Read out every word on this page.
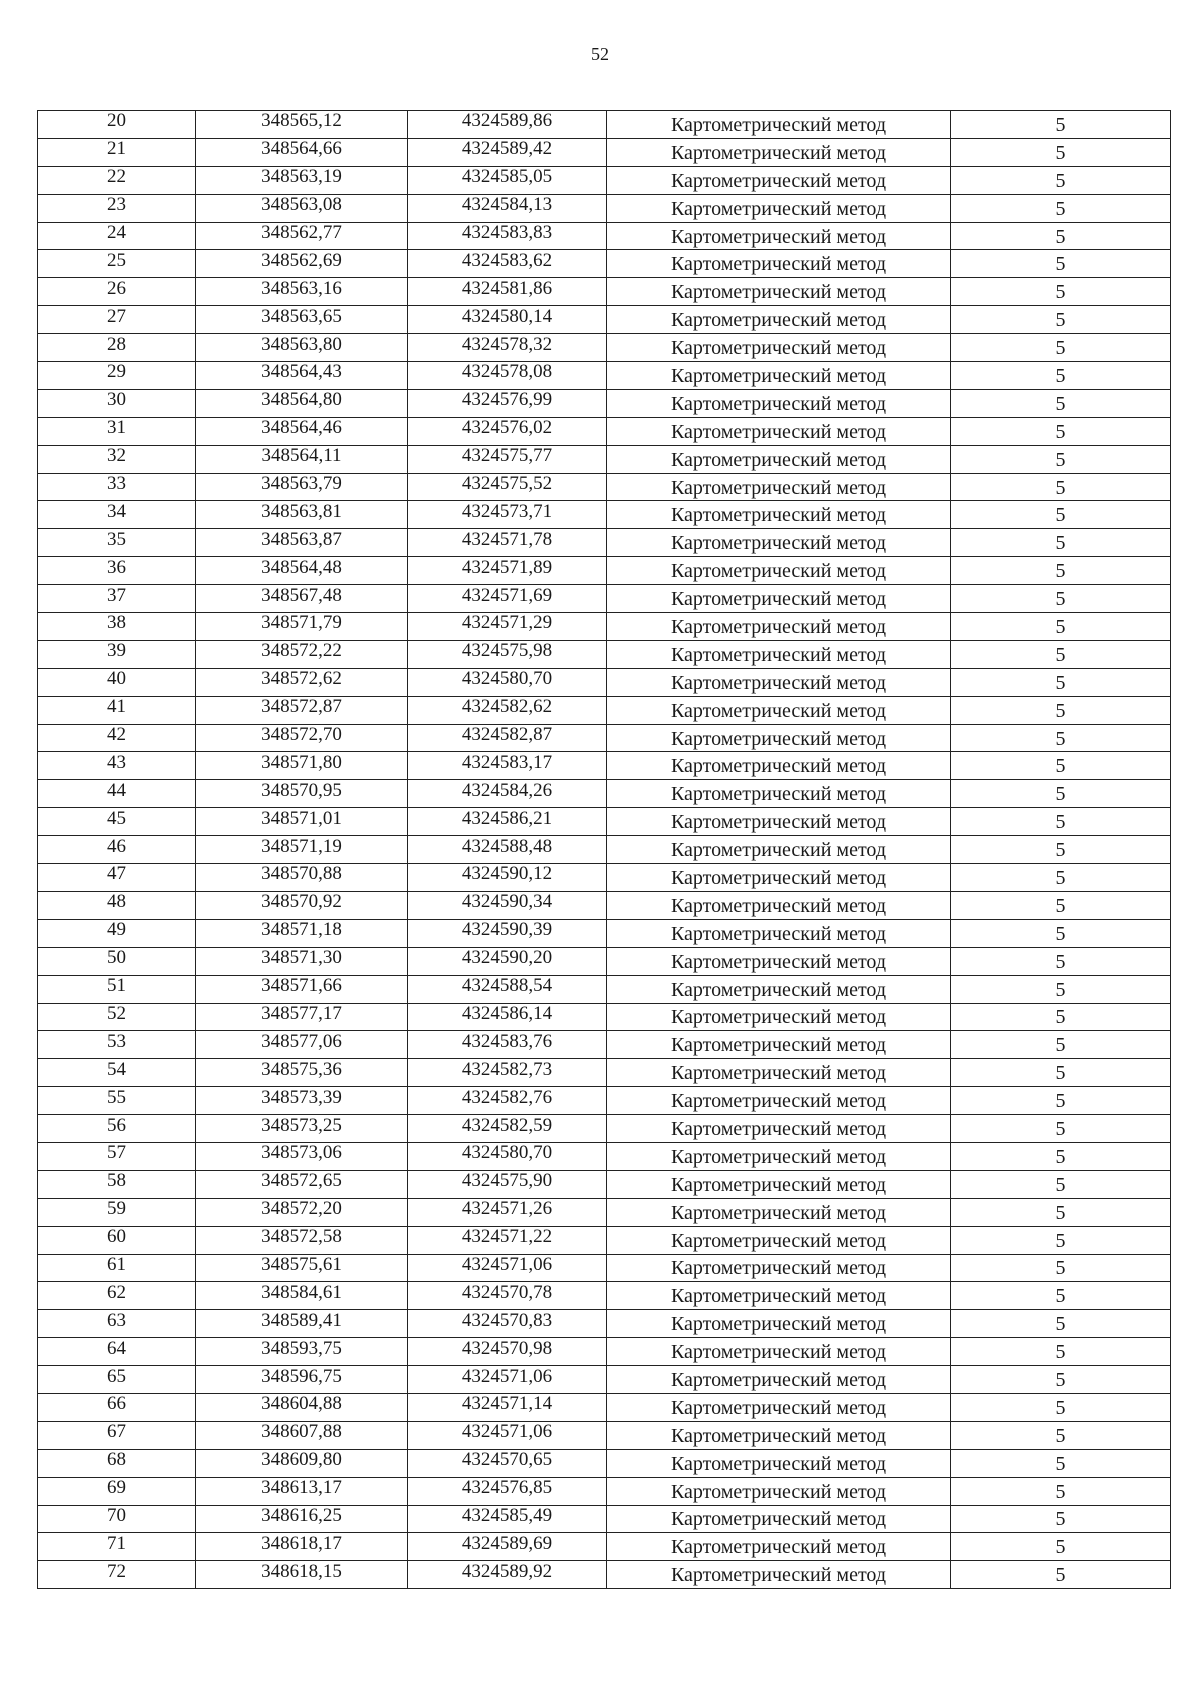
52
20	348565,12	4324589,86	Картометрический метод	5
21	348564,66	4324589,42	Картометрический метод	5
22	348563,19	4324585,05	Картометрический метод	5
23	348563,08	4324584,13	Картометрический метод	5
24	348562,77	4324583,83	Картометрический метод	5
25	348562,69	4324583,62	Картометрический метод	5
26	348563,16	4324581,86	Картометрический метод	5
27	348563,65	4324580,14	Картометрический метод	5
28	348563,80	4324578,32	Картометрический метод	5
29	348564,43	4324578,08	Картометрический метод	5
30	348564,80	4324576,99	Картометрический метод	5
31	348564,46	4324576,02	Картометрический метод	5
32	348564,11	4324575,77	Картометрический метод	5
33	348563,79	4324575,52	Картометрический метод	5
34	348563,81	4324573,71	Картометрический метод	5
35	348563,87	4324571,78	Картометрический метод	5
36	348564,48	4324571,89	Картометрический метод	5
37	348567,48	4324571,69	Картометрический метод	5
38	348571,79	4324571,29	Картометрический метод	5
39	348572,22	4324575,98	Картометрический метод	5
40	348572,62	4324580,70	Картометрический метод	5
41	348572,87	4324582,62	Картометрический метод	5
42	348572,70	4324582,87	Картометрический метод	5
43	348571,80	4324583,17	Картометрический метод	5
44	348570,95	4324584,26	Картометрический метод	5
45	348571,01	4324586,21	Картометрический метод	5
46	348571,19	4324588,48	Картометрический метод	5
47	348570,88	4324590,12	Картометрический метод	5
48	348570,92	4324590,34	Картометрический метод	5
49	348571,18	4324590,39	Картометрический метод	5
50	348571,30	4324590,20	Картометрический метод	5
51	348571,66	4324588,54	Картометрический метод	5
52	348577,17	4324586,14	Картометрический метод	5
53	348577,06	4324583,76	Картометрический метод	5
54	348575,36	4324582,73	Картометрический метод	5
55	348573,39	4324582,76	Картометрический метод	5
56	348573,25	4324582,59	Картометрический метод	5
57	348573,06	4324580,70	Картометрический метод	5
58	348572,65	4324575,90	Картометрический метод	5
59	348572,20	4324571,26	Картометрический метод	5
60	348572,58	4324571,22	Картометрический метод	5
61	348575,61	4324571,06	Картометрический метод	5
62	348584,61	4324570,78	Картометрический метод	5
63	348589,41	4324570,83	Картометрический метод	5
64	348593,75	4324570,98	Картометрический метод	5
65	348596,75	4324571,06	Картометрический метод	5
66	348604,88	4324571,14	Картометрический метод	5
67	348607,88	4324571,06	Картометрический метод	5
68	348609,80	4324570,65	Картометрический метод	5
69	348613,17	4324576,85	Картометрический метод	5
70	348616,25	4324585,49	Картометрический метод	5
71	348618,17	4324589,69	Картометрический метод	5
72	348618,15	4324589,92	Картометрический метод	5
